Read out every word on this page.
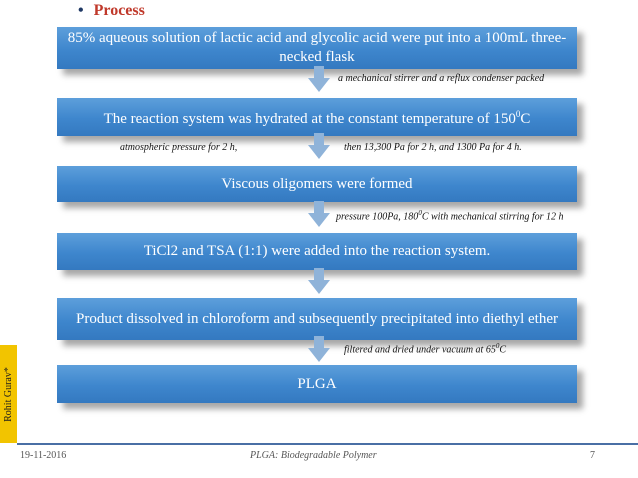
• Process
85% aqueous solution of lactic acid and glycolic acid were put into a 100mL three-necked flask
The reaction system was hydrated at the constant temperature of $150^0C$
Viscous oligomers were formed
TiCl2 and TSA (1:1) were added into the reaction system.
Product dissolved in chloroform and subsequently precipitated into diethyl ether
PLGA
a mechanical stirrer and a reflux condenser packed
atmospheric pressure for 2 h,	then 13,300 Pa for 2 h, and 1300 Pa for 4 h.
pressure 100Pa, $180^0C$ with mechanical stirring for 12 h
filtered and dried under vacuum at $65^0C$
Rohit Gurav*
19-11-2016	PLGA: Biodegradable Polymer	7
